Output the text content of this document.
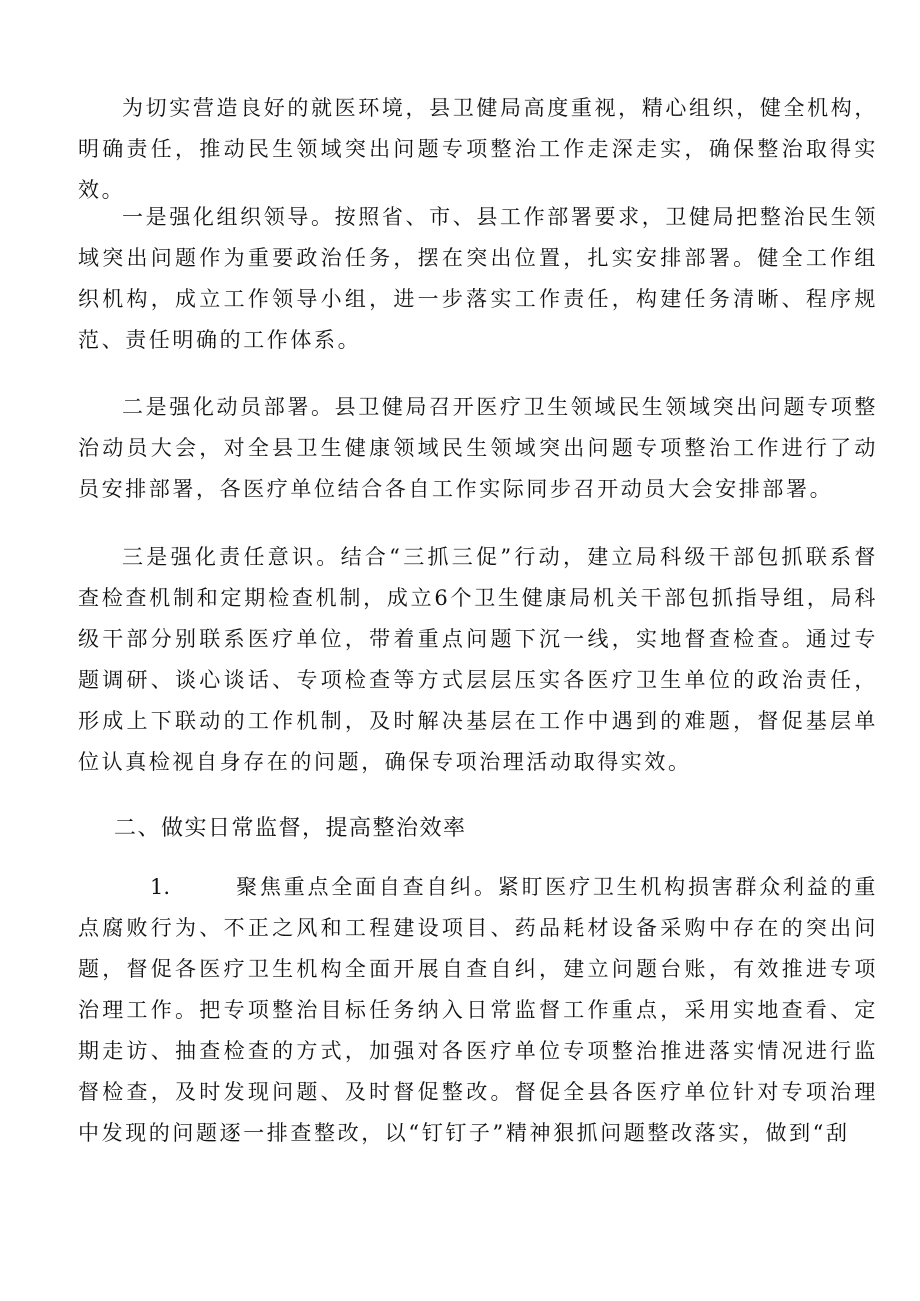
为切实营造良好的就医环境，县卫健局高度重视，精心组织，健全机构，明确责任，推动民生领域突出问题专项整治工作走深走实，确保整治取得实效。

一是强化组织领导。按照省、市、县工作部署要求，卫健局把整治民生领域突出问题作为重要政治任务，摆在突出位置，扎实安排部署。健全工作组织机构，成立工作领导小组，进一步落实工作责任，构建任务清晰、程序规范、责任明确的工作体系。

二是强化动员部署。县卫健局召开医疗卫生领域民生领域突出问题专项整治动员大会，对全县卫生健康领域民生领域突出问题专项整治工作进行了动员安排部署，各医疗单位结合各自工作实际同步召开动员大会安排部署。

三是强化责任意识。结合“三抓三促”行动，建立局科级干部包抓联系督查检查机制和定期检查机制，成立6个卫生健康局机关干部包抓指导组，局科级干部分别联系医疗单位，带着重点问题下沉一线，实地督查检查。通过专题调研、谈心谈话、专项检查等方式层层压实各医疗卫生单位的政治责任，形成上下联动的工作机制，及时解决基层在工作中遇到的难题，督促基层单位认真检视自身存在的问题，确保专项治理活动取得实效。

二、做实日常监督，提高整治效率

1.	聚焦重点全面自查自纠。紧盯医疗卫生机构损害群众利益的重点腐败行为、不正之风和工程建设项目、药品耗材设备采购中存在的突出问题，督促各医疗卫生机构全面开展自查自纠，建立问题台账，有效推进专项治理工作。把专项整治目标任务纳入日常监督工作重点，采用实地查看、定期走访、抽查检查的方式，加强对各医疗单位专项整治推进落实情况进行监督检查，及时发现问题、及时督促整改。督促全县各医疗单位针对专项治理中发现的问题逐一排查整改，以“钉钉子”精神狠抓问题整改落实，做到“刮
